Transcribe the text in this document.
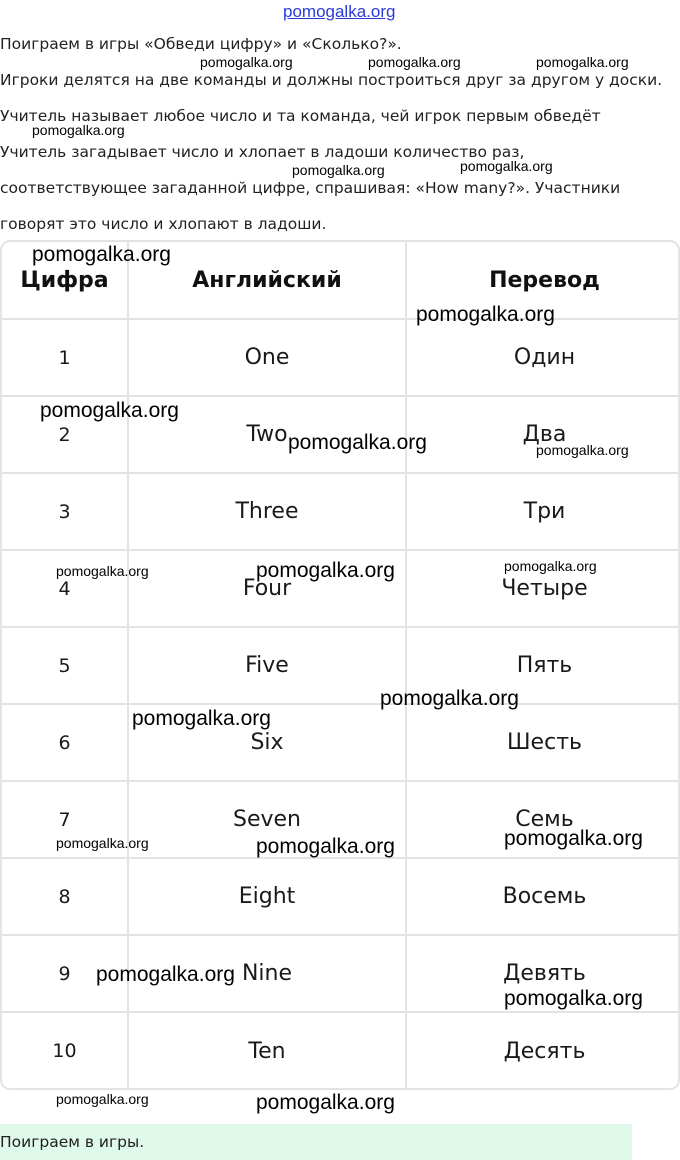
pomogalka.org
Поиграем в игры «Обведи цифру» и «Сколько?».
Игроки делятся на две команды и должны построиться друг за другом у доски.
Учитель называет любое число и та команда, чей игрок первым обведёт
Учитель загадывает число и хлопает в ладоши количество раз,
соответствующее загаданной цифре, спрашивая: «How many?». Участники
говорят это число и хлопают в ладоши.
Цифра	Английский	Перевод
1	One	Один
2	Two	Два
3	Three	Три
4	Four	Четыре
5	Five	Пять
6	Six	Шесть
7	Seven	Семь
8	Eight	Восемь
9	Nine	Девять
10	Ten	Десять
Поиграем в игры.
pomogalka.org	pomogalka.org	pomogalka.org
pomogalka.org
pomogalka.org	pomogalka.org
pomogalka.org
pomogalka.org
pomogalka.org
pomogalka.org	pomogalka.org
pomogalka.org	pomogalka.org	pomogalka.org
pomogalka.org
pomogalka.org
pomogalka.org	pomogalka.org	pomogalka.org
pomogalka.org
pomogalka.org
pomogalka.org	pomogalka.org
